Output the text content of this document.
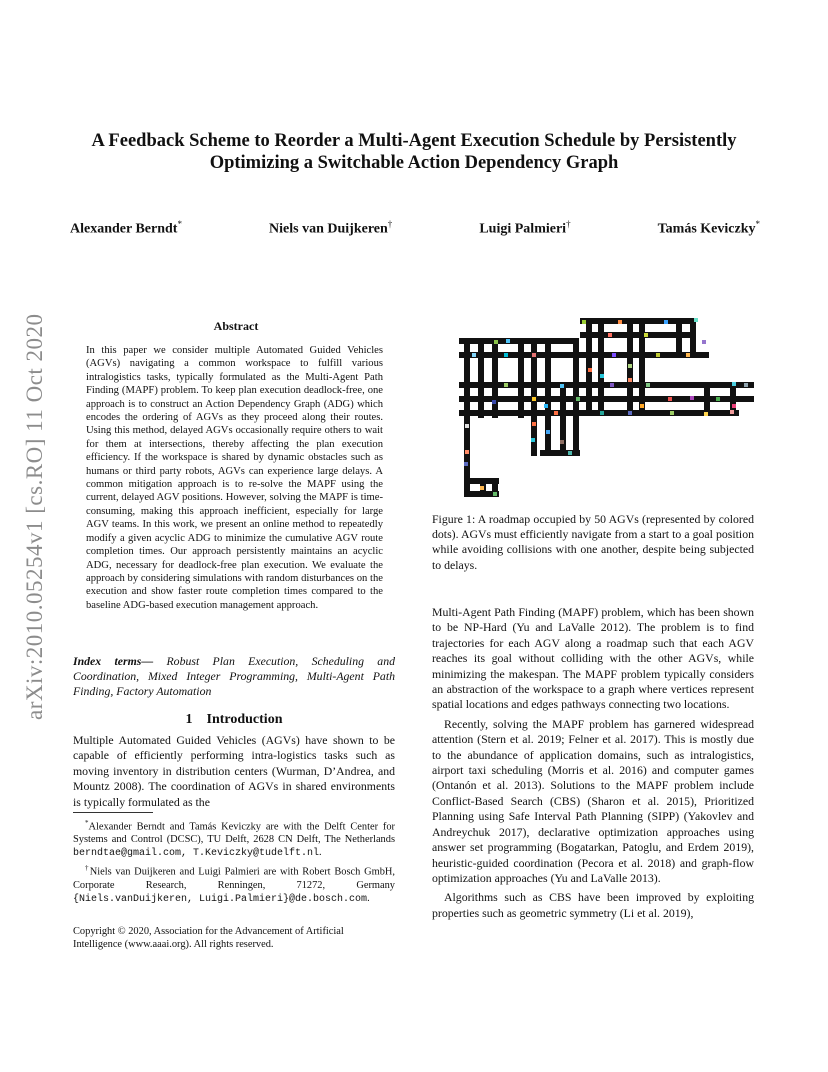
arXiv:2010.05254v1 [cs.RO] 11 Oct 2020
A Feedback Scheme to Reorder a Multi-Agent Execution Schedule by Persistently
Optimizing a Switchable Action Dependency Graph
Alexander Berndt*	Niels van Duijkeren†	Luigi Palmieri†	Tamás Keviczky*
Abstract
In this paper we consider multiple Automated Guided Vehicles (AGVs) navigating a common workspace to fulfill various intralogistics tasks, typically formulated as the Multi-Agent Path Finding (MAPF) problem. To keep plan execution deadlock-free, one approach is to construct an Action Dependency Graph (ADG) which encodes the ordering of AGVs as they proceed along their routes. Using this method, delayed AGVs occasionally require others to wait for them at intersections, thereby affecting the plan execution efficiency. If the workspace is shared by dynamic obstacles such as humans or third party robots, AGVs can experience large delays. A common mitigation approach is to re-solve the MAPF using the current, delayed AGV positions. However, solving the MAPF is time-consuming, making this approach inefficient, especially for large AGV teams. In this work, we present an online method to repeatedly modify a given acyclic ADG to minimize the cumulative AGV route completion times. Our approach persistently maintains an acyclic ADG, necessary for deadlock-free plan execution. We evaluate the approach by considering simulations with random disturbances on the execution and show faster route completion times compared to the baseline ADG-based execution management approach.
Index terms— Robust Plan Execution, Scheduling and Coordination, Mixed Integer Programming, Multi-Agent Path Finding, Factory Automation
1 Introduction

Multiple Automated Guided Vehicles (AGVs) have shown to be capable of efficiently performing intra-logistics tasks such as moving inventory in distribution centers (Wurman, D’Andrea, and Mountz 2008). The coordination of AGVs in shared environments is typically formulated as the

*Alexander Berndt and Tamás Keviczky are with the Delft Center for Systems and Control (DCSC), TU Delft, 2628 CN Delft, The Netherlands berndtae@gmail.com, T.Keviczky@tudelft.nl.

†Niels van Duijkeren and Luigi Palmieri are with Robert Bosch GmbH, Corporate Research, Renningen, 71272, Germany {Niels.vanDuijkeren, Luigi.Palmieri}@de.bosch.com.

Copyright © 2020, Association for the Advancement of Artificial Intelligence (www.aaai.org). All rights reserved.
Figure 1: A roadmap occupied by 50 AGVs (represented by colored dots). AGVs must efficiently navigate from a start to a goal position while avoiding collisions with one another, despite being subjected to delays.

Multi-Agent Path Finding (MAPF) problem, which has been shown to be NP-Hard (Yu and LaValle 2012). The problem is to find trajectories for each AGV along a roadmap such that each AGV reaches its goal without colliding with the other AGVs, while minimizing the makespan. The MAPF problem typically considers an abstraction of the workspace to a graph where vertices represent spatial locations and edges pathways connecting two locations.

Recently, solving the MAPF problem has garnered widespread attention (Stern et al. 2019; Felner et al. 2017). This is mostly due to the abundance of application domains, such as intralogistics, airport taxi scheduling (Morris et al. 2016) and computer games (Ontanón et al. 2013). Solutions to the MAPF problem include Conflict-Based Search (CBS) (Sharon et al. 2015), Prioritized Planning using Safe Interval Path Planning (SIPP) (Yakovlev and Andreychuk 2017), declarative optimization approaches using answer set programming (Bogatarkan, Patoglu, and Erdem 2019), heuristic-guided coordination (Pecora et al. 2018) and graph-flow optimization approaches (Yu and LaValle 2013).

Algorithms such as CBS have been improved by exploiting properties such as geometric symmetry (Li et al. 2019),
